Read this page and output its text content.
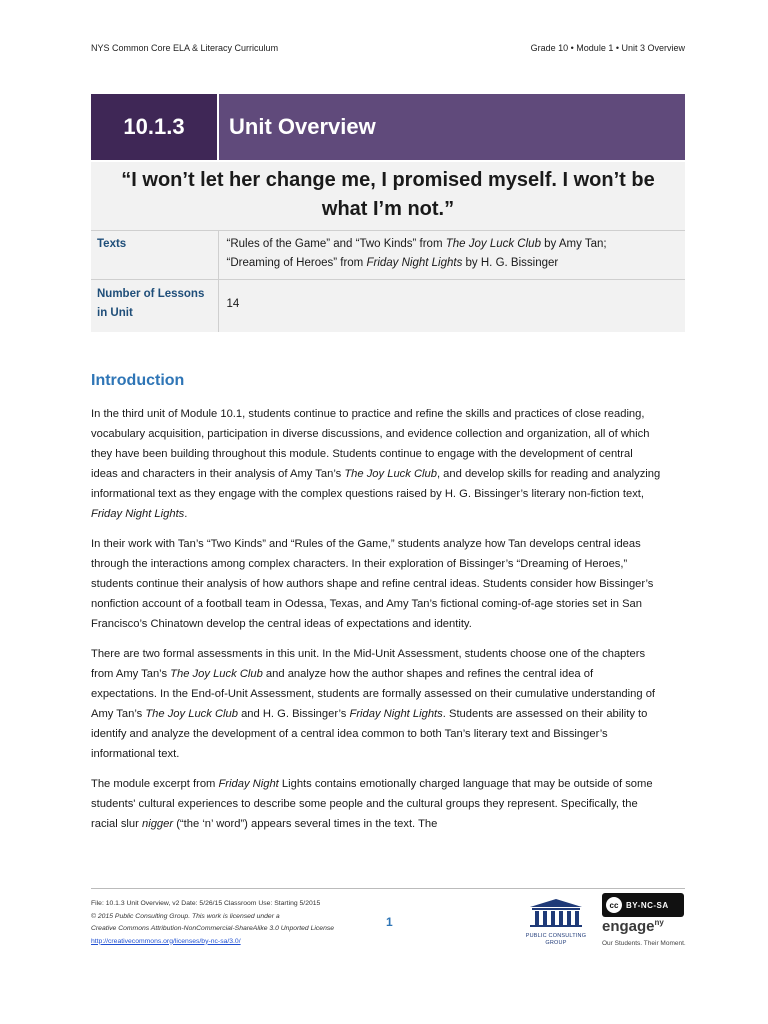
NYS Common Core ELA & Literacy Curriculum	Grade 10 • Module 1 • Unit 3 Overview
10.1.3	Unit Overview
“I won’t let her change me, I promised myself. I won’t be what I’m not.”	
Texts	“Rules of the Game” and “Two Kinds” from The Joy Luck Club by Amy Tan;
“Dreaming of Heroes” from Friday Night Lights by H. G. Bissinger
Number of Lessons in Unit	14
Introduction

In the third unit of Module 10.1, students continue to practice and refine the skills and practices of close reading, vocabulary acquisition, participation in diverse discussions, and evidence collection and organization, all of which they have been building throughout this module. Students continue to engage with the development of central ideas and characters in their analysis of Amy Tan’s The Joy Luck Club, and develop skills for reading and analyzing informational text as they engage with the complex questions raised by H. G. Bissinger’s literary non-fiction text, Friday Night Lights.

In their work with Tan’s “Two Kinds” and “Rules of the Game,” students analyze how Tan develops central ideas through the interactions among complex characters. In their exploration of Bissinger’s “Dreaming of Heroes,” students continue their analysis of how authors shape and refine central ideas. Students consider how Bissinger’s nonfiction account of a football team in Odessa, Texas, and Amy Tan’s fictional coming-of-age stories set in San Francisco’s Chinatown develop the central ideas of expectations and identity.

There are two formal assessments in this unit. In the Mid-Unit Assessment, students choose one of the chapters from Amy Tan’s The Joy Luck Club and analyze how the author shapes and refines the central idea of expectations. In the End-of-Unit Assessment, students are formally assessed on their cumulative understanding of Amy Tan’s The Joy Luck Club and H. G. Bissinger’s Friday Night Lights. Students are assessed on their ability to identify and analyze the development of a central idea common to both Tan’s literary text and Bissinger’s informational text.

The module excerpt from Friday Night Lights contains emotionally charged language that may be outside of some students' cultural experiences to describe some people and the cultural groups they represent. Specifically, the racial slur nigger (“the ‘n’ word”) appears several times in the text. The

File: 10.1.3 Unit Overview, v2 Date: 5/26/15 Classroom Use: Starting 5/2015
© 2015 Public Consulting Group. This work is licensed under a
Creative Commons Attribution-NonCommercial-ShareAlike 3.0 Unported License
http://creativecommons.org/licenses/by-nc-sa/3.0/
1
PUBLIC CONSULTING
GROUP
cc BY-NC-SA
engage$^{ny}$
Our Students. Their Moment.
